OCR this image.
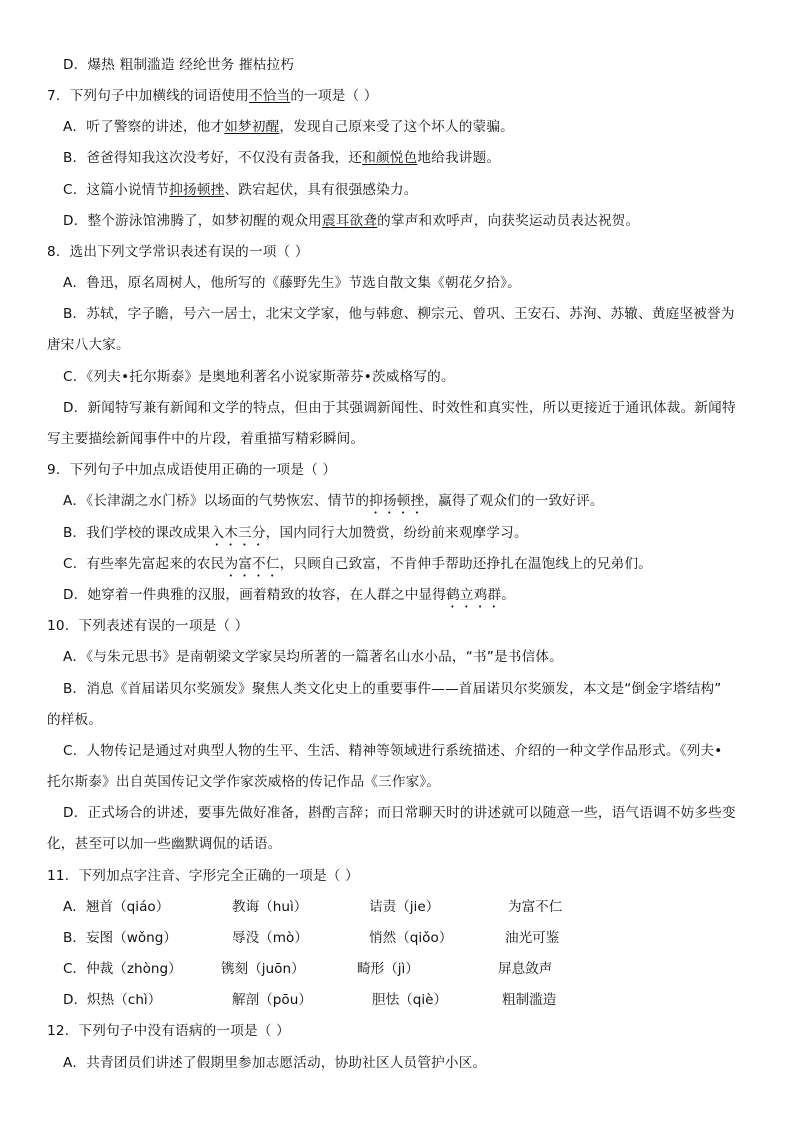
D．爆热 粗制滥造 经纶世务 摧枯拉朽
7．下列句子中加横线的词语使用不恰当的一项是（ ）
A．听了警察的讲述，他才如梦初醒，发现自己原来受了这个坏人的蒙骗。
B．爸爸得知我这次没考好，不仅没有责备我，还和颜悦色地给我讲题。
C．这篇小说情节抑扬顿挫、跌宕起伏，具有很强感染力。
D．整个游泳馆沸腾了，如梦初醒的观众用震耳欲聋的掌声和欢呼声，向获奖运动员表达祝贺。
8．选出下列文学常识表述有误的一项（ ）
A．鲁迅，原名周树人，他所写的《藤野先生》节选自散文集《朝花夕拾》。
B．苏轼，字子瞻，号六一居士，北宋文学家，他与韩愈、柳宗元、曾巩、王安石、苏洵、苏辙、黄庭坚被誉为
唐宋八大家。
C．《列夫•托尔斯泰》是奥地利著名小说家斯蒂芬•茨威格写的。
D．新闻特写兼有新闻和文学的特点，但由于其强调新闻性、时效性和真实性，所以更接近于通讯体裁。新闻特
写主要描绘新闻事件中的片段，着重描写精彩瞬间。
9．下列句子中加点成语使用正确的一项是（ ）
A．《长津湖之水门桥》以场面的气势恢宏、情节的抑扬顿挫，赢得了观众们的一致好评。
B．我们学校的课改成果入木三分，国内同行大加赞赏，纷纷前来观摩学习。
C．有些率先富起来的农民为富不仁，只顾自己致富，不肯伸手帮助还挣扎在温饱线上的兄弟们。
D．她穿着一件典雅的汉服，画着精致的妆容，在人群之中显得鹤立鸡群。
10．下列表述有误的一项是（ ）
A．《与朱元思书》是南朝梁文学家吴均所著的一篇著名山水小品，“书”是书信体。
B．消息《首届诺贝尔奖颁发》聚焦人类文化史上的重要事件——首届诺贝尔奖颁发，本文是“倒金字塔结构”
的样板。
C．人物传记是通过对典型人物的生平、生活、精神等领域进行系统描述、介绍的一种文学作品形式。《列夫•
托尔斯泰》出自英国传记文学作家茨威格的传记作品《三作家》。
D．正式场合的讲述，要事先做好准备，斟酌言辞；而日常聊天时的讲述就可以随意一些，语气语调不妨多些变
化，甚至可以加一些幽默调侃的话语。
11．下列加点字注音、字形完全正确的一项是（ ）
A．翘首（qiáo）	教诲（huì）	诘责（jie）	为富不仁
B．妄图（wǒng）	辱没（mò）	悄然（qiǒo）	油光可鉴
C．仲裁（zhòng）	镌刻（juōn）	畸形（jì）	屏息敛声
D．炽热（chì）	解剖（pōu）	胆怯（qiè）	粗制滥造
12．下列句子中没有语病的一项是（ ）
A．共青团员们讲述了假期里参加志愿活动，协助社区人员管护小区。
